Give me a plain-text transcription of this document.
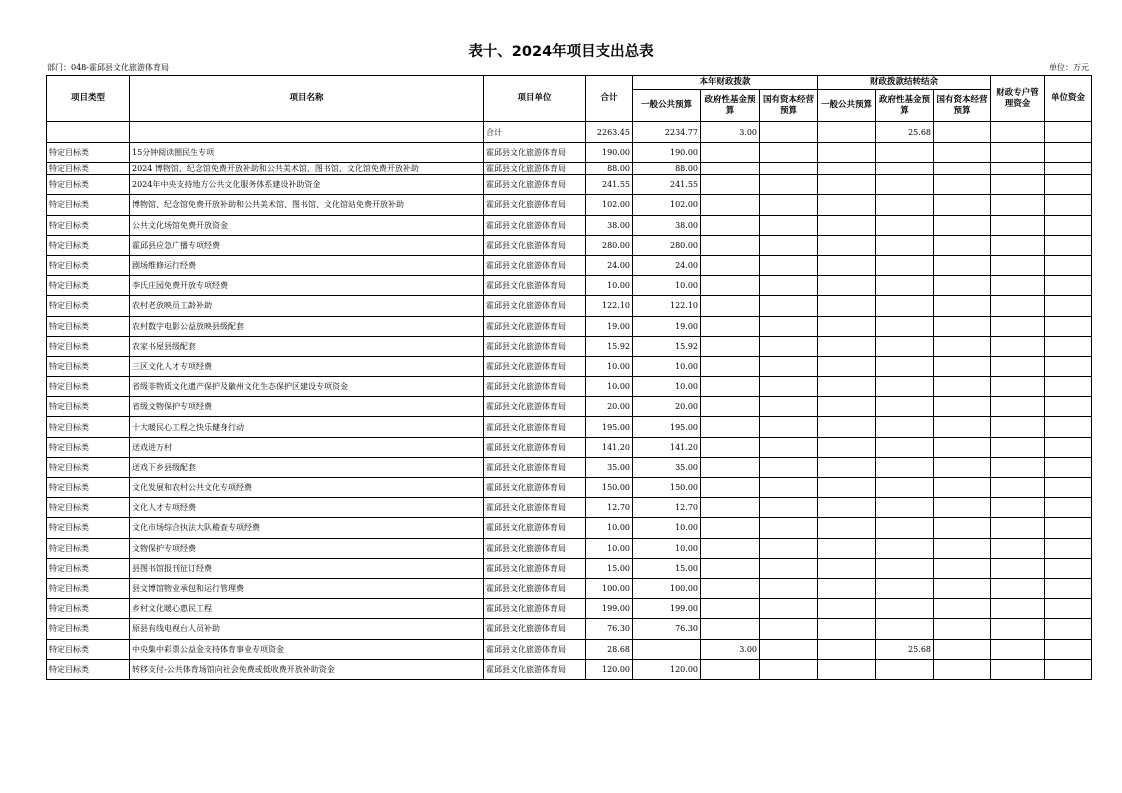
表十、2024年项目支出总表
部门：048-霍邱县文化旅游体育局	单位：万元
项目类型	项目名称	项目单位	合计	本年财政拨款			财政拨款结转结余			财政专户管理资金	单位资金
				一般公共预算	政府性基金预算	国有资本经营预算	一般公共预算	政府性基金预算	国有资本经营预算		
		合计	2263.45	2234.77	3.00			25.68			
特定目标类	15分钟阅读圈民生专项	霍邱县文化旅游体育局	190.00	190.00							
特定目标类	2024 博物馆、纪念馆免费开放补助和公共美术馆、图书馆、文化馆免费开放补助	霍邱县文化旅游体育局	88.00	88.00							
特定目标类	2024年中央支持地方公共文化服务体系建设补助资金	霍邱县文化旅游体育局	241.55	241.55							
特定目标类	博物馆、纪念馆免费开放补助和公共美术馆、图书馆、文化馆站免费开放补助	霍邱县文化旅游体育局	102.00	102.00							
特定目标类	公共文化场馆免费开放资金	霍邱县文化旅游体育局	38.00	38.00							
特定目标类	霍邱县应急广播专项经费	霍邱县文化旅游体育局	280.00	280.00							
特定目标类	剧场维修运行经费	霍邱县文化旅游体育局	24.00	24.00							
特定目标类	李氏庄园免费开放专项经费	霍邱县文化旅游体育局	10.00	10.00							
特定目标类	农村老放映员工龄补助	霍邱县文化旅游体育局	122.10	122.10							
特定目标类	农村数字电影公益放映县级配套	霍邱县文化旅游体育局	19.00	19.00							
特定目标类	农家书屋县级配套	霍邱县文化旅游体育局	15.92	15.92							
特定目标类	三区文化人才专项经费	霍邱县文化旅游体育局	10.00	10.00							
特定目标类	省级非物质文化遗产保护及徽州文化生态保护区建设专项资金	霍邱县文化旅游体育局	10.00	10.00							
特定目标类	省级文物保护专项经费	霍邱县文化旅游体育局	20.00	20.00							
特定目标类	十大暖民心工程之快乐健身行动	霍邱县文化旅游体育局	195.00	195.00							
特定目标类	送戏进万村	霍邱县文化旅游体育局	141.20	141.20							
特定目标类	送戏下乡县级配套	霍邱县文化旅游体育局	35.00	35.00							
特定目标类	文化发展和农村公共文化专项经费	霍邱县文化旅游体育局	150.00	150.00							
特定目标类	文化人才专项经费	霍邱县文化旅游体育局	12.70	12.70							
特定目标类	文化市场综合执法大队稽查专项经费	霍邱县文化旅游体育局	10.00	10.00							
特定目标类	文物保护专项经费	霍邱县文化旅游体育局	10.00	10.00							
特定目标类	县图书馆报刊征订经费	霍邱县文化旅游体育局	15.00	15.00							
特定目标类	县文博馆物业承包和运行管理费	霍邱县文化旅游体育局	100.00	100.00							
特定目标类	乡村文化暖心惠民工程	霍邱县文化旅游体育局	199.00	199.00							
特定目标类	原县有线电视台人员补助	霍邱县文化旅游体育局	76.30	76.30							
特定目标类	中央集中彩票公益金支持体育事业专项资金	霍邱县文化旅游体育局	28.68		3.00			25.68			
特定目标类	转移支付-公共体育场馆向社会免费或低收费开放补助资金	霍邱县文化旅游体育局	120.00	120.00							
